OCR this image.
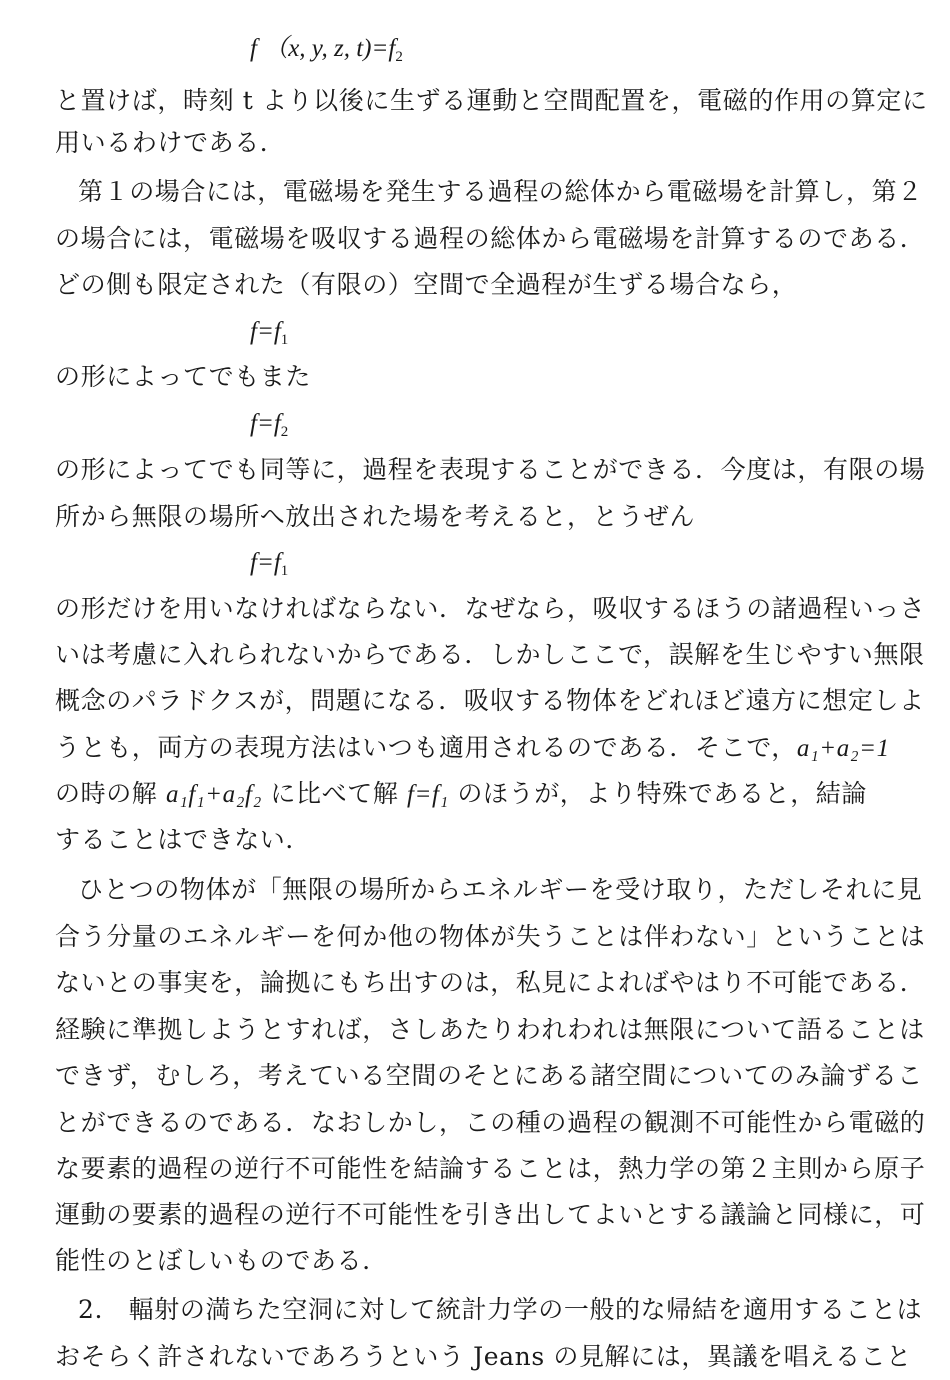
f （x, y, z, $t)=f_2$
と置けば，時刻 t より以後に生ずる運動と空間配置を，電磁的作用の算定に
用いるわけである．
第１の場合には，電磁場を発生する過程の総体から電磁場を計算し，第２
の場合には，電磁場を吸収する過程の総体から電磁場を計算するのである．
どの側も限定された（有限の）空間で全過程が生ずる場合なら，
$f=f_1$
の形によってでもまた
$f=f_2$
の形によってでも同等に，過程を表現することができる．今度は，有限の場
所から無限の場所へ放出された場を考えると，とうぜん
$f=f_1$
の形だけを用いなければならない．なぜなら，吸収するほうの諸過程いっさ
いは考慮に入れられないからである．しかしここで，誤解を生じやすい無限
概念のパラドクスが，問題になる．吸収する物体をどれほど遠方に想定しよ
うとも，両方の表現方法はいつも適用されるのである．そこで，a₁+a₂=1
の時の解 a₁f₁+a₂f₂ に比べて解 f=f₁ のほうが，より特殊であると，結論
することはできない．
ひとつの物体が「無限の場所からエネルギーを受け取り，ただしそれに見
合う分量のエネルギーを何か他の物体が失うことは伴わない」ということは
ないとの事実を，論拠にもち出すのは，私見によればやはり不可能である．
経験に準拠しようとすれば，さしあたりわれわれは無限について語ることは
できず，むしろ，考えている空間のそとにある諸空間についてのみ論ずるこ
とができるのである．なおしかし，この種の過程の観測不可能性から電磁的
な要素的過程の逆行不可能性を結論することは，熱力学の第２主則から原子
運動の要素的過程の逆行不可能性を引き出してよいとする議論と同様に，可
能性のとぼしいものである．
2.　輻射の満ちた空洞に対して統計力学の一般的な帰結を適用することは
おそらく許されないであろうという Jeans の見解には，異議を唱えること
